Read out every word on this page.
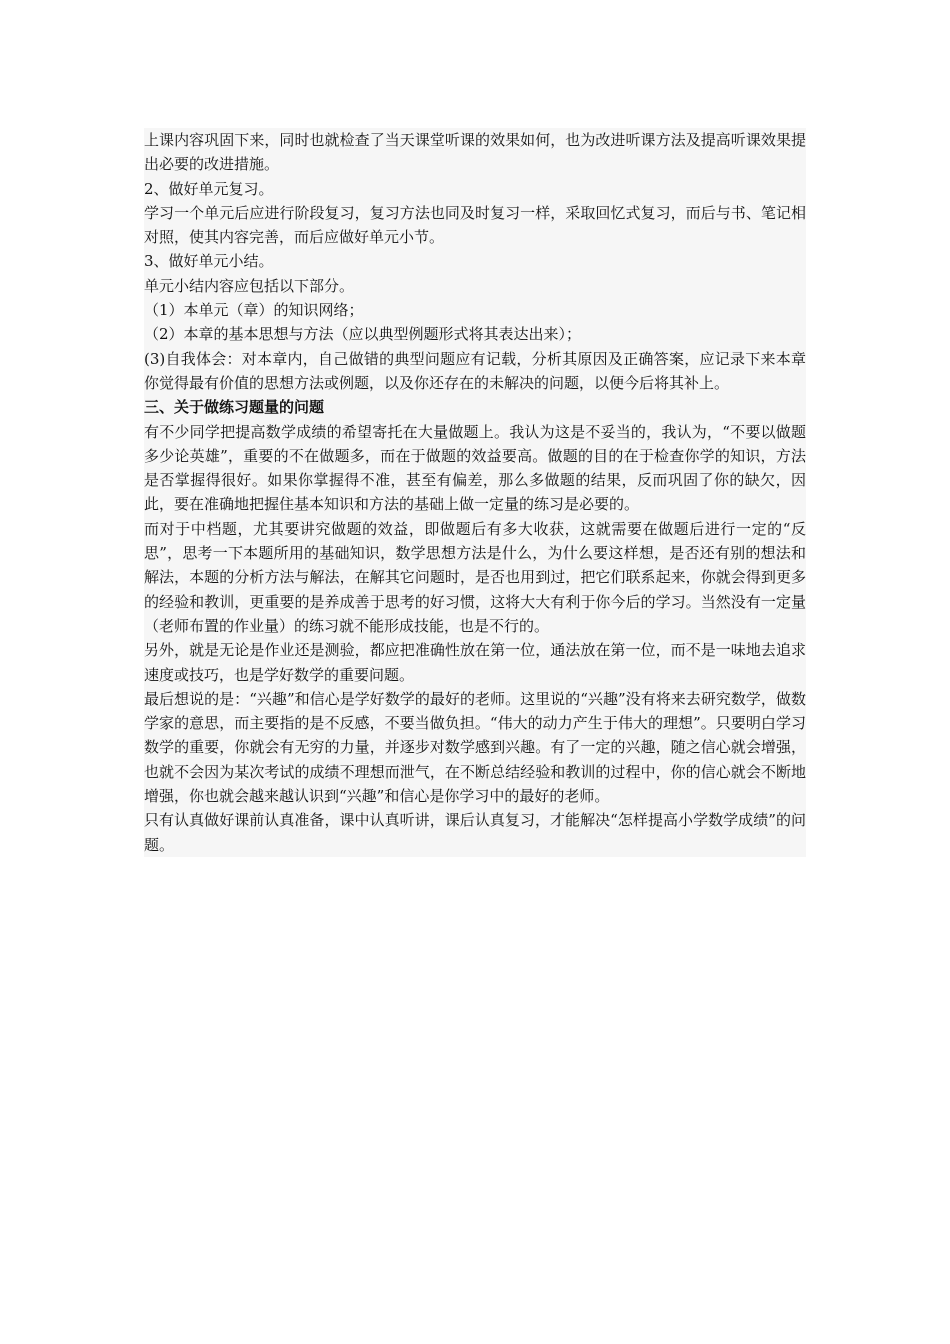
上课内容巩固下来，同时也就检查了当天课堂听课的效果如何，也为改进听课方法及提高听课效果提出必要的改进措施。

2、做好单元复习。

学习一个单元后应进行阶段复习，复习方法也同及时复习一样，采取回忆式复习，而后与书、笔记相对照，使其内容完善，而后应做好单元小节。

3、做好单元小结。

单元小结内容应包括以下部分。

（1）本单元（章）的知识网络；

（2）本章的基本思想与方法（应以典型例题形式将其表达出来）；

(3)自我体会：对本章内，自己做错的典型问题应有记载，分析其原因及正确答案，应记录下来本章你觉得最有价值的思想方法或例题，以及你还存在的未解决的问题，以便今后将其补上。

三、关于做练习题量的问题

有不少同学把提高数学成绩的希望寄托在大量做题上。我认为这是不妥当的，我认为，“不要以做题多少论英雄”，重要的不在做题多，而在于做题的效益要高。做题的目的在于检查你学的知识，方法是否掌握得很好。如果你掌握得不准，甚至有偏差，那么多做题的结果，反而巩固了你的缺欠，因此，要在准确地把握住基本知识和方法的基础上做一定量的练习是必要的。

而对于中档题，尤其要讲究做题的效益，即做题后有多大收获，这就需要在做题后进行一定的“反思”，思考一下本题所用的基础知识，数学思想方法是什么，为什么要这样想，是否还有别的想法和解法，本题的分析方法与解法，在解其它问题时，是否也用到过，把它们联系起来，你就会得到更多的经验和教训，更重要的是养成善于思考的好习惯，这将大大有利于你今后的学习。当然没有一定量（老师布置的作业量）的练习就不能形成技能，也是不行的。

另外，就是无论是作业还是测验，都应把准确性放在第一位，通法放在第一位，而不是一味地去追求速度或技巧，也是学好数学的重要问题。

最后想说的是：“兴趣”和信心是学好数学的最好的老师。这里说的“兴趣”没有将来去研究数学，做数学家的意思，而主要指的是不反感，不要当做负担。“伟大的动力产生于伟大的理想”。只要明白学习数学的重要，你就会有无穷的力量，并逐步对数学感到兴趣。有了一定的兴趣，随之信心就会增强，也就不会因为某次考试的成绩不理想而泄气，在不断总结经验和教训的过程中，你的信心就会不断地增强，你也就会越来越认识到“兴趣”和信心是你学习中的最好的老师。

只有认真做好课前认真准备，课中认真听讲，课后认真复习，才能解决“怎样提高小学数学成绩”的问题。
